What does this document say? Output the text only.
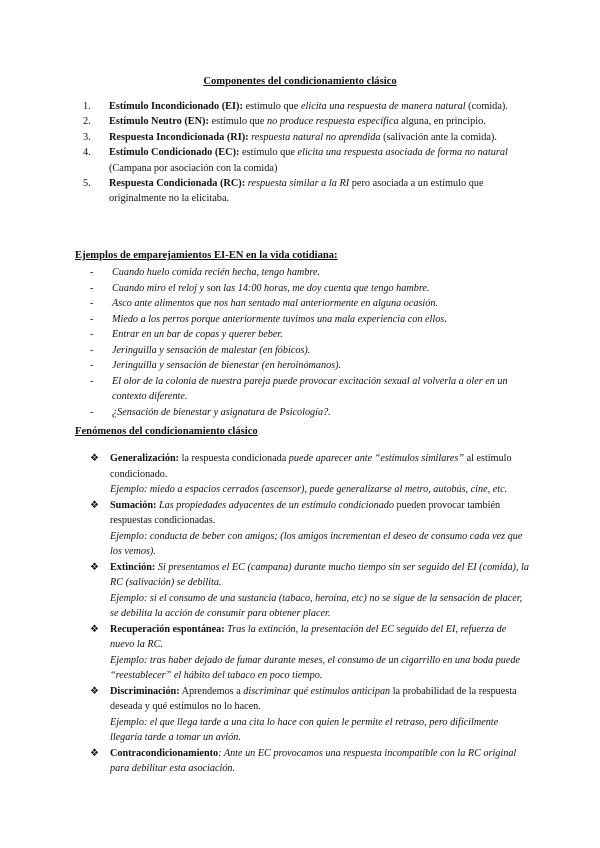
Componentes del condicionamiento clásico
1. Estímulo Incondicionado (EI): estímulo que elicita una respuesta de manera natural (comida).
2. Estímulo Neutro (EN): estímulo que no produce respuesta específica alguna, en principio.
3. Respuesta Incondicionada (RI): respuesta natural no aprendida (salivación ante la comida).
4. Estímulo Condicionado (EC): estímulo que elicita una respuesta asociada de forma no natural (Campana por asociación con la comida)
5. Respuesta Condicionada (RC): respuesta similar a la RI pero asociada a un estímulo que originalmente no la elicitaba.
Ejemplos de emparejamientos EI-EN en la vida cotidiana:
- Cuando huelo comida recién hecha, tengo hambre.
- Cuando miro el reloj y son las 14:00 horas, me doy cuenta que tengo hambre.
- Asco ante alimentos que nos han sentado mal anteriormente en alguna ocasión.
- Miedo a los perros porque anteriormente tuvimos una mala experiencia con ellos.
- Entrar en un bar de copas y querer beber.
- Jeringuilla y sensación de malestar (en fóbicos).
- Jeringuilla y sensación de bienestar (en heroinómanos).
- El olor de la colonia de nuestra pareja puede provocar excitación sexual al volverla a oler en un contexto diferente.
- ¿Sensación de bienestar y asignatura de Psicología?.
Fenómenos del condicionamiento clásico
❖ Generalización: la respuesta condicionada puede aparecer ante “estímulos similares” al estímulo condicionado.
Ejemplo: miedo a espacios cerrados (ascensor), puede generalizarse al metro, autobús, cine, etc.
❖ Sumación: Las propiedades adyacentes de un estímulo condicionado pueden provocar también respuestas condicionadas.
Ejemplo: conducta de beber con amigos; (los amigos incrementan el deseo de consumo cada vez que los vemos).
❖ Extinción: Si presentamos el EC (campana) durante mucho tiempo sin ser seguido del EI (comida), la RC (salivación) se debilita.
Ejemplo: si el consumo de una sustancia (tabaco, heroína, etc) no se sigue de la sensación de placer, se debilita la acción de consumir para obtener placer.
❖ Recuperación espontánea: Tras la extinción, la presentación del EC seguido del EI, refuerza de nuevo la RC.
Ejemplo: tras haber dejado de fumar durante meses, el consumo de un cigarrillo en una boda puede “reestablecer” el hábito del tabaco en poco tiempo.
❖ Discriminación: Aprendemos a discriminar qué estímulos anticipan la probabilidad de la respuesta deseada y qué estímulos no lo hacen.
Ejemplo: el que llega tarde a una cita lo hace con quien le permite el retraso, pero difícilmente llegaría tarde a tomar un avión.
❖ Contracondicionamiento: Ante un EC provocamos una respuesta incompatible con la RC original para debilitar esta asociación.
